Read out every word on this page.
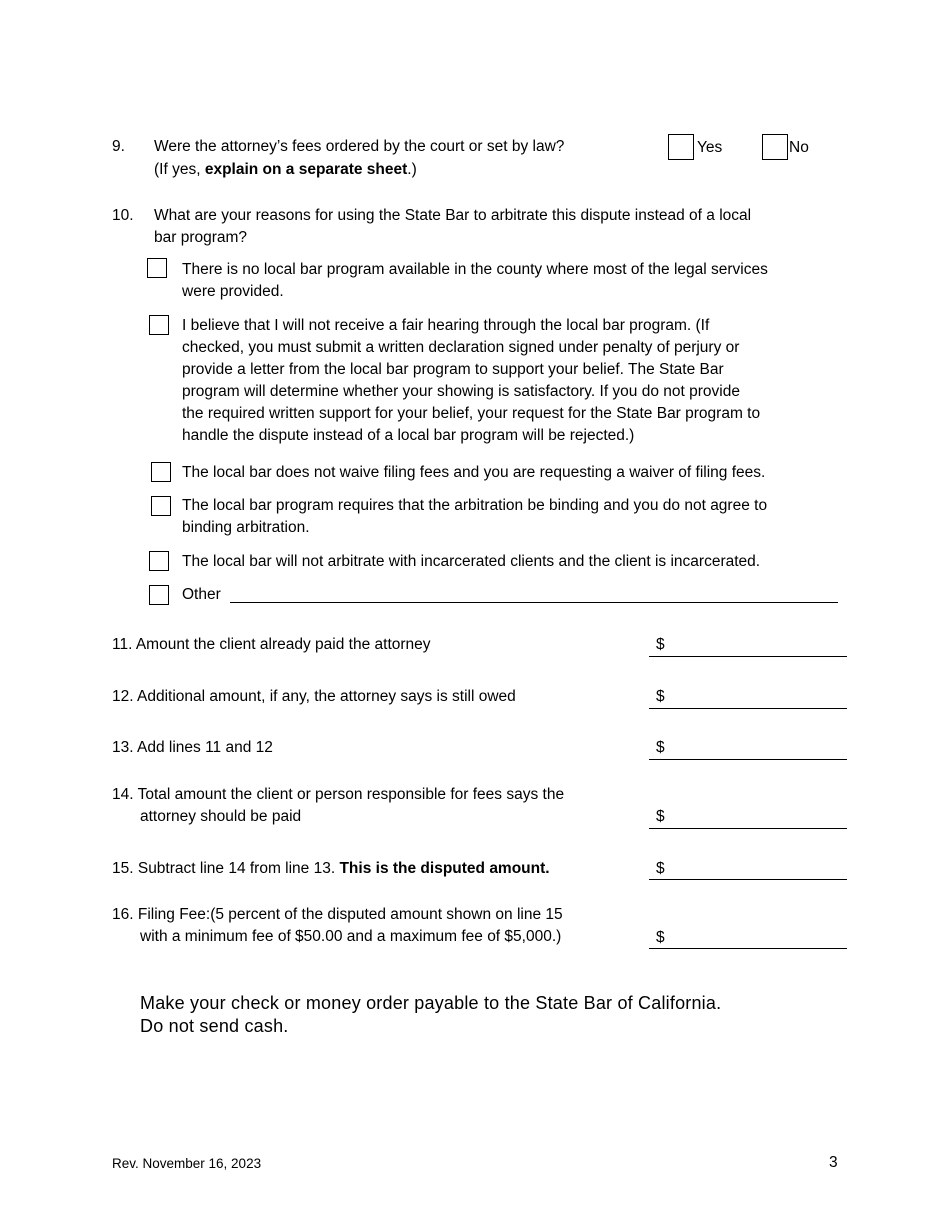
9. Were the attorney’s fees ordered by the court or set by law?
(If yes, explain on a separate sheet.)
Yes	No
10. What are your reasons for using the State Bar to arbitrate this dispute instead of a local
bar program?
There is no local bar program available in the county where most of the legal services
were provided.
I believe that I will not receive a fair hearing through the local bar program. (If
checked, you must submit a written declaration signed under penalty of perjury or
provide a letter from the local bar program to support your belief. The State Bar
program will determine whether your showing is satisfactory. If you do not provide
the required written support for your belief, your request for the State Bar program to
handle the dispute instead of a local bar program will be rejected.)
The local bar does not waive filing fees and you are requesting a waiver of filing fees.
The local bar program requires that the arbitration be binding and you do not agree to
binding arbitration.
The local bar will not arbitrate with incarcerated clients and the client is incarcerated.
Other
11. Amount the client already paid the attorney	$
12. Additional amount, if any, the attorney says is still owed	$
13. Add lines 11 and 12	$
14. Total amount the client or person responsible for fees says the
attorney should be paid	$
15. Subtract line 14 from line 13. This is the disputed amount.	$
16. Filing Fee:(5 percent of the disputed amount shown on line 15
with a minimum fee of $50.00 and a maximum fee of $5,000.)	$
Make your check or money order payable to the State Bar of California.
Do not send cash.
Rev. November 16, 2023	3
